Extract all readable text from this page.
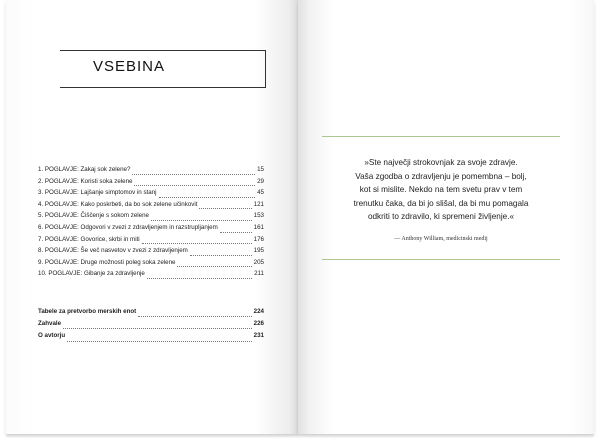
VSEBINA
1. POGLAVJE: Zakaj sok zelene?	15
2. POGLAVJE: Koristi soka zelene	29
3. POGLAVJE: Lajšanje simptomov in stanj	45
4. POGLAVJE: Kako poskrbeti, da bo sok zelene učinkovit	121
5. POGLAVJE: Čiščenje s sokom zelene	153
6. POGLAVJE: Odgovori v zvezi z zdravljenjem in razstrupljanjem	161
7. POGLAVJE: Govorice, skrbi in miti	176
8. POGLAVJE: Še več nasvetov v zvezi z zdravljenjem	195
9. POGLAVJE: Druge možnosti poleg soka zelene	205
10. POGLAVJE: Gibanje za zdravljenje	211
Tabele za pretvorbo merskih enot	224
Zahvale	226
O avtorju	231

»Ste največji strokovnjak za svoje zdravje.

Vaša zgodba o zdravljenju je pomembna – bolj,

kot si mislite. Nekdo na tem svetu prav v tem

trenutku čaka, da bi jo slišal, da bi mu pomagala

odkriti to zdravilo, ki spremeni življenje.«

— Anthony William, medicinski medij
